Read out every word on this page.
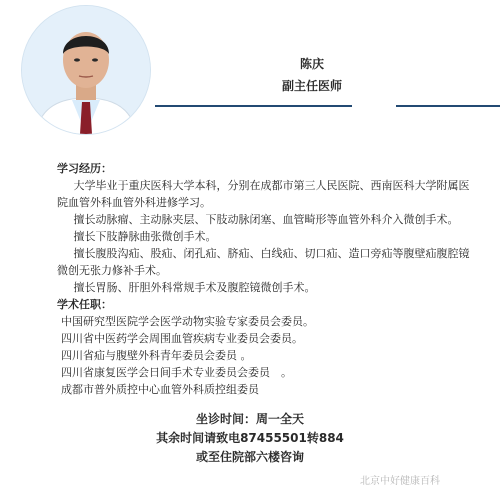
陈庆
副主任医师
学习经历：
大学毕业于重庆医科大学本科，分别在成都市第三人民医院、西南医科大学附属医院血管外科血管外科进修学习。
擅长动脉瘤、主动脉夹层、下肢动脉闭塞、血管畸形等血管外科介入微创手术。
擅长下肢静脉曲张微创手术。
擅长腹股沟疝、股疝、闭孔疝、脐疝、白线疝、切口疝、造口旁疝等腹壁疝腹腔镜微创无张力修补手术。
擅长胃肠、肝胆外科常规手术及腹腔镜微创手术。
学术任职：
中国研究型医院学会医学动物实验专家委员会委员。
四川省中医药学会周围血管疾病专业委员会委员。
四川省疝与腹壁外科青年委员会委员 。
四川省康复医学会日间手术专业委员会委员　。
成都市普外质控中心血管外科质控组委员
坐诊时间：周一全天
其余时间请致电87455501转884
或至住院部六楼咨询
北京中好健康百科
